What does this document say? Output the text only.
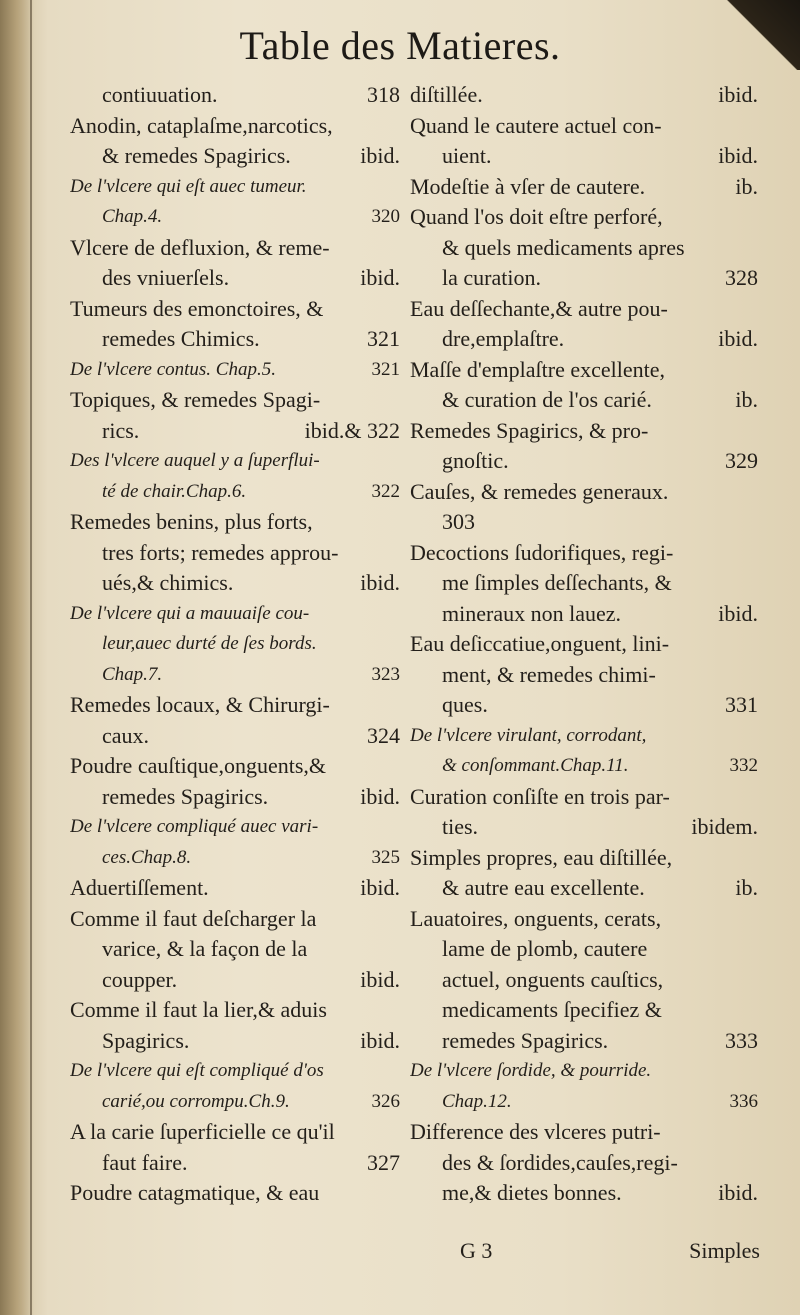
Table des Matieres.
contiuuation.	318
Anodin, cataplaſme,narcotics,
& remedes Spagirics.	ibid.
De l'vlcere qui eſt auec tumeur.
Chap.4.	320
Vlcere de defluxion, & reme-
des vniuerſels.	ibid.
Tumeurs des emonctoires, &
remedes Chimics.	321
De l'vlcere contus. Chap.5.	321
Topiques, & remedes Spagi-
rics.	ibid.& 322
Des l'vlcere auquel y a ſuperflui-
té de chair.Chap.6.	322
Remedes benins, plus forts,
tres forts; remedes approu-
ués,& chimics.	ibid.
De l'vlcere qui a mauuaiſe cou-
leur,auec durté de ſes bords.
Chap.7.	323
Remedes locaux, & Chirurgi-
caux.	324
Poudre cauſtique,onguents,&
remedes Spagirics.	ibid.
De l'vlcere compliqué auec vari-
ces.Chap.8.	325
Aduertiſſement.	ibid.
Comme il faut deſcharger la
varice, & la façon de la
coupper.	ibid.
Comme il faut la lier,& aduis
Spagirics.	ibid.
De l'vlcere qui eſt compliqué d'os
carié,ou corrompu.Ch.9.	326
A la carie ſuperficielle ce qu'il
faut faire.	327
Poudre catagmatique, & eau
diſtillée.	ibid.
Quand le cautere actuel con-
uient.	ibid.
Modeſtie à vſer de cautere.	ib.
Quand l'os doit eſtre perforé,
& quels medicaments apres
la curation.	328
Eau deſſechante,& autre pou-
dre,emplaſtre.	ibid.
Maſſe d'emplaſtre excellente,
& curation de l'os carié.	ib.
Remedes Spagirics, & pro-
gnoſtic.	329
Cauſes, & remedes generaux.
303
Decoctions ſudorifiques, regi-
me ſimples deſſechants, &
mineraux non lauez.	ibid.
Eau deſiccatiue,onguent, lini-
ment, & remedes chimi-
ques.	331
De l'vlcere virulant, corrodant,
& conſommant.Chap.11.	332
Curation conſiſte en trois par-
ties.	ibidem.
Simples propres, eau diſtillée,
& autre eau excellente.	ib.
Lauatoires, onguents, cerats,
lame de plomb, cautere
actuel, onguents cauſtics,
medicaments ſpecifiez &
remedes Spagirics.	333
De l'vlcere ſordide, & pourride.
Chap.12.	336
Difference des vlceres putri-
des & ſordides,cauſes,regi-
me,& dietes bonnes.	ibid.
G 3	Simples
